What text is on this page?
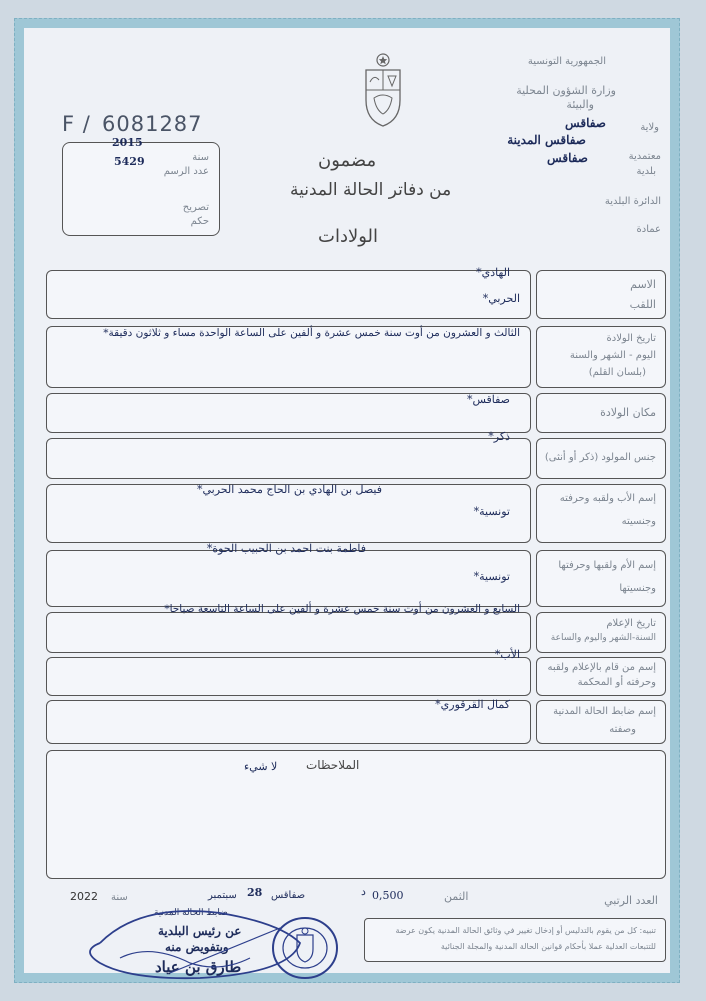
الجمهورية التونسية
وزارة الشؤون المحلية
والبيئة
ولاية
صفاقس
معتمدية
صفاقس المدينة
بلدية
صفاقس
الدائرة البلدية
عمادة
F / 6081287
سنة
2015
عدد الرسم
5429
تصريح
حكم
مضمون
من دفاتر الحالة المدنية
الولادات
الاسم
اللقب
الهادي*
الحربي*
تاريخ الولادة
اليوم - الشهر والسنة
(بلسان القلم)
الثالث و العشرون من أوت سنة خمس عشرة و ألفين على الساعة الواحدة مساء و ثلاثون دقيقة*
مكان الولادة
صفاقس*
جنس المولود (ذكر أو أنثى)
ذكر*
إسم الأب ولقبه وحرفته
وجنسيته
فيصل بن الهادي بن الحاج محمد الحربي*
تونسية*
إسم الأم ولقبها وحرفتها
وجنسيتها
فاطمة بنت احمد بن الحبيب الحوة*
تونسية*
تاريخ الإعلام
السنة-الشهر واليوم والساعة
السابع و العشرون من أوت سنة خمس عشرة و ألفين على الساعة التاسعة صباحا*
إسم من قام بالإعلام ولقبه
وحرفته أو المحكمة
الأب*
إسم ضابط الحالة المدنية
وصفته
كمال القرقوري*
الملاحظات
لا شيء
العدد الرتبي
الثمن
0,500
د
صفاقس
28
سبتمبر
سنة
2022
تنبيه: كل من يقوم بالتدليس أو إدخال تغيير في وثائق الحالة المدنية يكون عرضة
للتتبعات العدلية عملا بأحكام قوانين الحالة المدنية والمجلة الجنائية
ضابط الحالة المدنية
عن رئيس البلدية
وبتفويض منه
طارق بن عياد
